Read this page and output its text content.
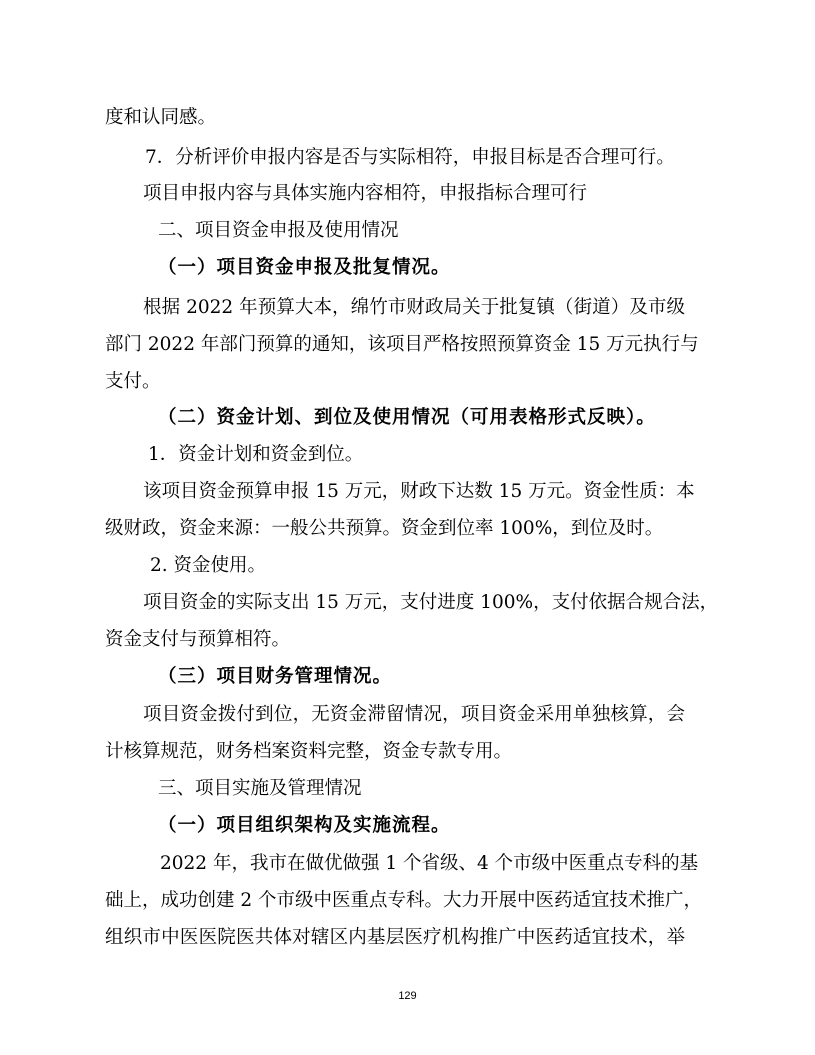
度和认同感。
7．分析评价申报内容是否与实际相符，申报目标是否合理可行。
项目申报内容与具体实施内容相符，申报指标合理可行
二、项目资金申报及使用情况
（一）项目资金申报及批复情况。
根据 2022 年预算大本，绵竹市财政局关于批复镇（街道）及市级
部门 2022 年部门预算的通知，该项目严格按照预算资金 15 万元执行与
支付。
（二）资金计划、到位及使用情况（可用表格形式反映）。
1．资金计划和资金到位。
该项目资金预算申报 15 万元，财政下达数 15 万元。资金性质：本
级财政，资金来源：一般公共预算。资金到位率 100%，到位及时。
2. 资金使用。
项目资金的实际支出 15 万元，支付进度 100%，支付依据合规合法，
资金支付与预算相符。
（三）项目财务管理情况。
项目资金拨付到位，无资金滞留情况，项目资金采用单独核算，会
计核算规范，财务档案资料完整，资金专款专用。
三、项目实施及管理情况
（一）项目组织架构及实施流程。
2022 年，我市在做优做强 1 个省级、4 个市级中医重点专科的基
础上，成功创建 2 个市级中医重点专科。大力开展中医药适宜技术推广，
组织市中医医院医共体对辖区内基层医疗机构推广中医药适宜技术，举
129
